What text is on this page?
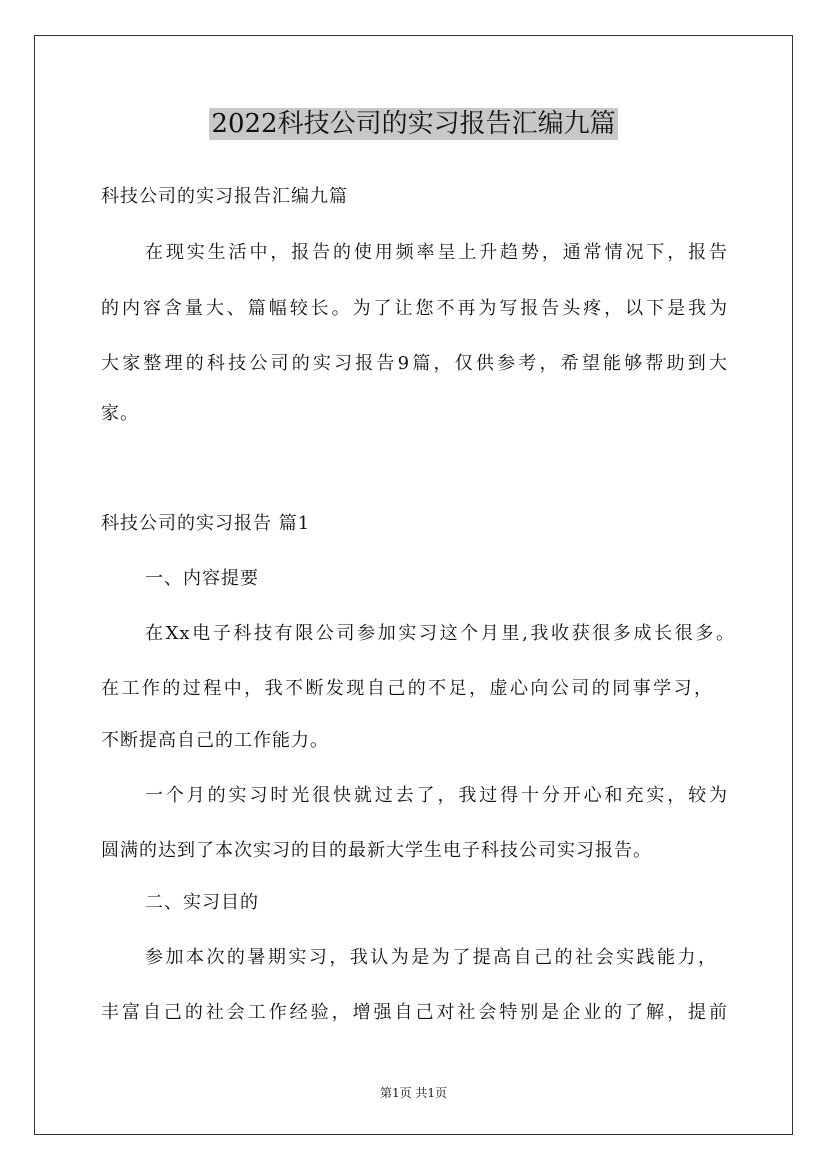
2022科技公司的实习报告汇编九篇
科技公司的实习报告汇编九篇
在现实生活中，报告的使用频率呈上升趋势，通常情况下，报告
的内容含量大、篇幅较长。为了让您不再为写报告头疼，以下是我为
大家整理的科技公司的实习报告9篇，仅供参考，希望能够帮助到大
家。
科技公司的实习报告 篇1
一、内容提要
在Xx电子科技有限公司参加实习这个月里,我收获很多成长很多。
在工作的过程中，我不断发现自己的不足，虚心向公司的同事学习，
不断提高自己的工作能力。
一个月的实习时光很快就过去了，我过得十分开心和充实，较为
圆满的达到了本次实习的目的最新大学生电子科技公司实习报告。
二、实习目的
参加本次的暑期实习，我认为是为了提高自己的社会实践能力，
丰富自己的社会工作经验，增强自己对社会特别是企业的了解，提前
第1页 共1页
